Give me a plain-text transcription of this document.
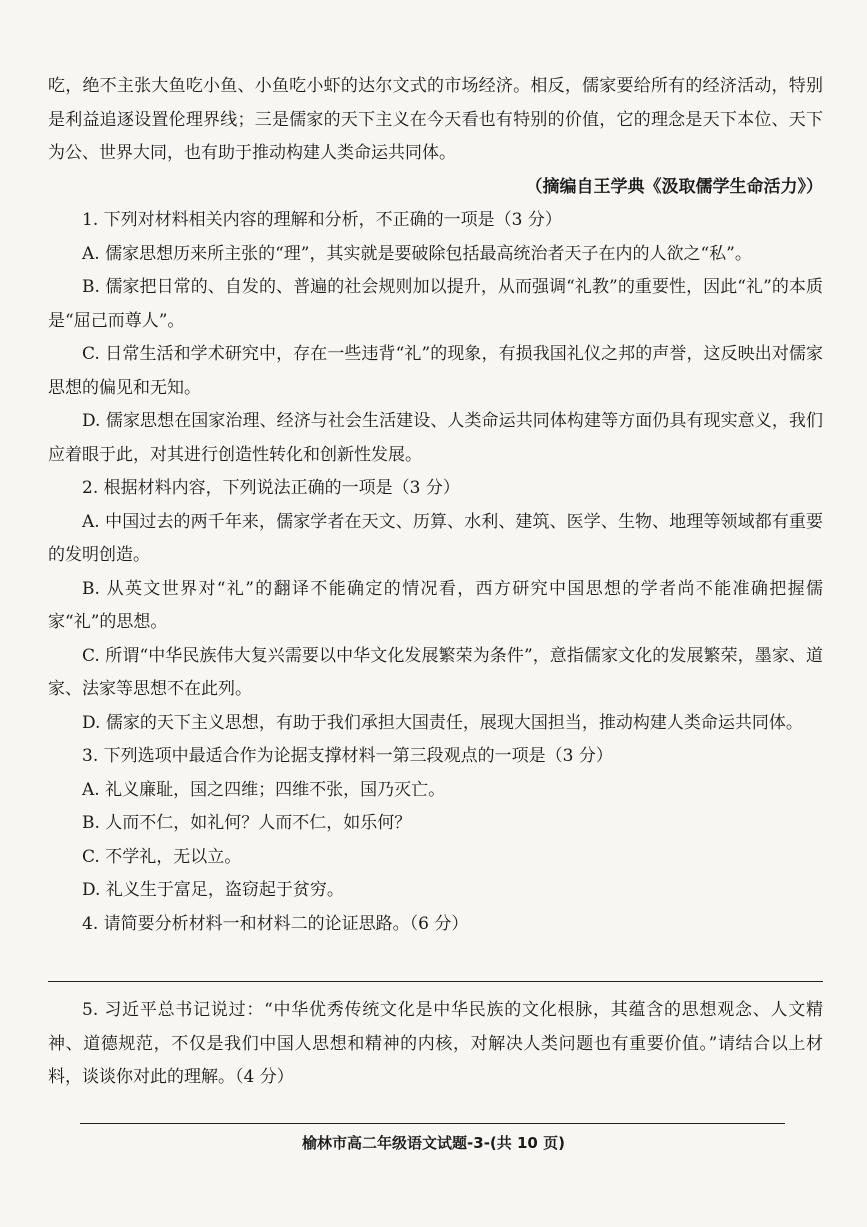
吃，绝不主张大鱼吃小鱼、小鱼吃小虾的达尔文式的市场经济。相反，儒家要给所有的经济活动，特别是利益追逐设置伦理界线；三是儒家的天下主义在今天看也有特别的价值，它的理念是天下本位、天下为公、世界大同，也有助于推动构建人类命运共同体。

（摘编自王学典《汲取儒学生命活力》）

1. 下列对材料相关内容的理解和分析，不正确的一项是（3 分）

A. 儒家思想历来所主张的“理”，其实就是要破除包括最高统治者天子在内的人欲之“私”。

B. 儒家把日常的、自发的、普遍的社会规则加以提升，从而强调“礼教”的重要性，因此“礼”的本质是“屈己而尊人”。

C. 日常生活和学术研究中，存在一些违背“礼”的现象，有损我国礼仪之邦的声誉，这反映出对儒家思想的偏见和无知。

D. 儒家思想在国家治理、经济与社会生活建设、人类命运共同体构建等方面仍具有现实意义，我们应着眼于此，对其进行创造性转化和创新性发展。

2. 根据材料内容，下列说法正确的一项是（3 分）

A. 中国过去的两千年来，儒家学者在天文、历算、水利、建筑、医学、生物、地理等领域都有重要的发明创造。

B. 从英文世界对“礼”的翻译不能确定的情况看，西方研究中国思想的学者尚不能准确把握儒家“礼”的思想。

C. 所谓“中华民族伟大复兴需要以中华文化发展繁荣为条件”，意指儒家文化的发展繁荣，墨家、道家、法家等思想不在此列。

D. 儒家的天下主义思想，有助于我们承担大国责任，展现大国担当，推动构建人类命运共同体。

3. 下列选项中最适合作为论据支撑材料一第三段观点的一项是（3 分）

A. 礼义廉耻，国之四维；四维不张，国乃灭亡。

B. 人而不仁，如礼何？人而不仁，如乐何？

C. 不学礼，无以立。

D. 礼义生于富足，盗窃起于贫穷。

4. 请简要分析材料一和材料二的论证思路。（6 分）

5. 习近平总书记说过：“中华优秀传统文化是中华民族的文化根脉，其蕴含的思想观念、人文精神、道德规范，不仅是我们中国人思想和精神的内核，对解决人类问题也有重要价值。”请结合以上材料，谈谈你对此的理解。（4 分）

榆林市高二年级语文试题-3-(共 10 页)
